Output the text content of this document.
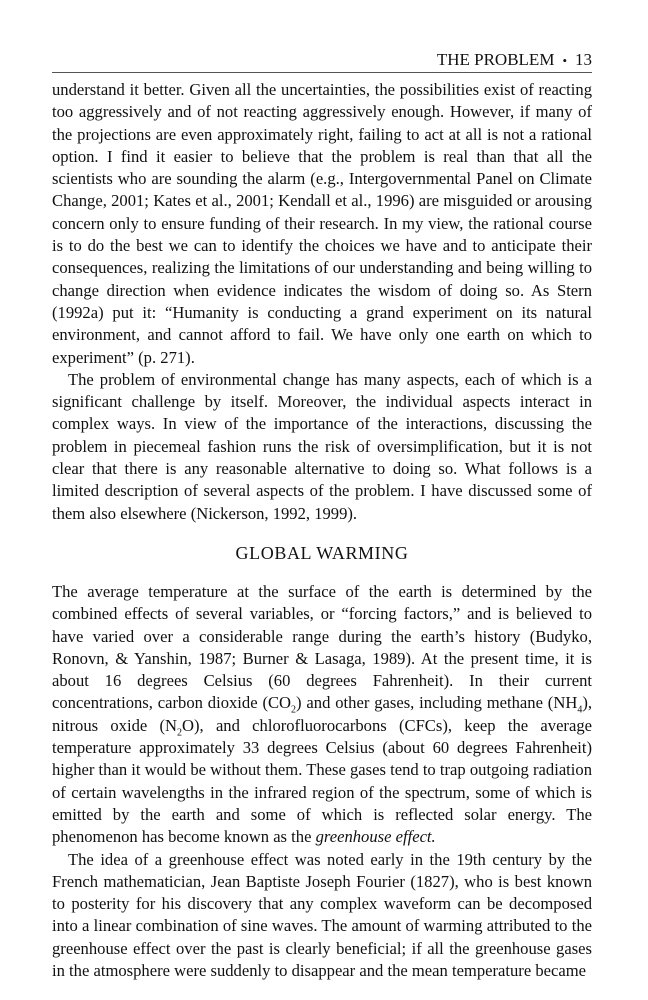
THE PROBLEM • 13

understand it better. Given all the uncertainties, the possibilities exist of reacting too aggressively and of not reacting aggressively enough. However, if many of the projections are even approximately right, failing to act at all is not a rational option. I find it easier to believe that the problem is real than that all the scientists who are sounding the alarm (e.g., Intergovernmental Panel on Climate Change, 2001; Kates et al., 2001; Kendall et al., 1996) are misguided or arousing concern only to ensure funding of their research. In my view, the rational course is to do the best we can to identify the choices we have and to anticipate their consequences, realizing the limitations of our understanding and being willing to change direction when evidence indicates the wisdom of doing so. As Stern (1992a) put it: “Humanity is conducting a grand experiment on its natural environment, and cannot afford to fail. We have only one earth on which to experiment” (p. 271).

The problem of environmental change has many aspects, each of which is a significant challenge by itself. Moreover, the individual aspects interact in complex ways. In view of the importance of the interactions, discussing the problem in piecemeal fashion runs the risk of oversimplification, but it is not clear that there is any reasonable alternative to doing so. What follows is a limited description of several aspects of the problem. I have discussed some of them also elsewhere (Nickerson, 1992, 1999).

GLOBAL WARMING

The average temperature at the surface of the earth is determined by the combined effects of several variables, or “forcing factors,” and is believed to have varied over a considerable range during the earth’s history (Budyko, Ronovn, & Yanshin, 1987; Burner & Lasaga, 1989). At the present time, it is about 16 degrees Celsius (60 degrees Fahrenheit). In their current concentrations, carbon dioxide $(CO_2)$ and other gases, including methane $(NH_4)$, nitrous oxide $(N_2O)$, and chlorofluorocarbons (CFCs), keep the average temperature approximately 33 degrees Celsius (about 60 degrees Fahrenheit) higher than it would be without them. These gases tend to trap outgoing radiation of certain wavelengths in the infrared region of the spectrum, some of which is emitted by the earth and some of which is reflected solar energy. The phenomenon has become known as the greenhouse effect.

The idea of a greenhouse effect was noted early in the 19th century by the French mathematician, Jean Baptiste Joseph Fourier (1827), who is best known to posterity for his discovery that any complex waveform can be decomposed into a linear combination of sine waves. The amount of warming attributed to the greenhouse effect over the past is clearly beneficial; if all the greenhouse gases in the atmosphere were suddenly to disappear and the mean temperature became
